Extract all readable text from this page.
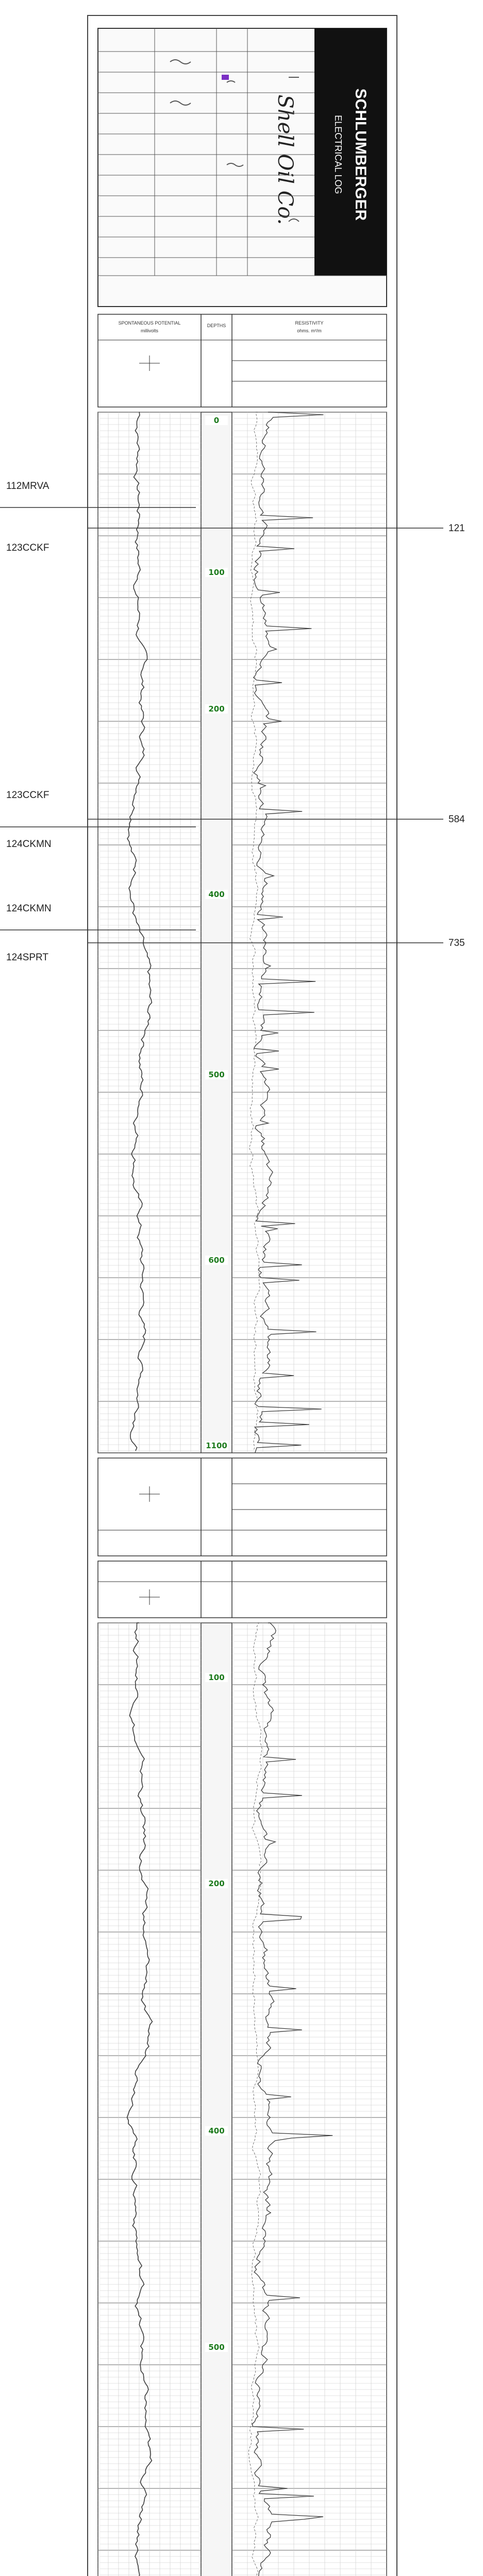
SCHLUMBERGER
ELECTRICAL LOG
Shell Oil Co.
SPONTANEOUS POTENTIAL
millivolts
DEPTHS	RESISTIVITY
ohms. m²/m
0
100
200
400
500
600
1100
100
200
400
500
112MRVA
123CCKF
121
123CCKF
124CKMN
584
124CKMN
735
124SPRT
